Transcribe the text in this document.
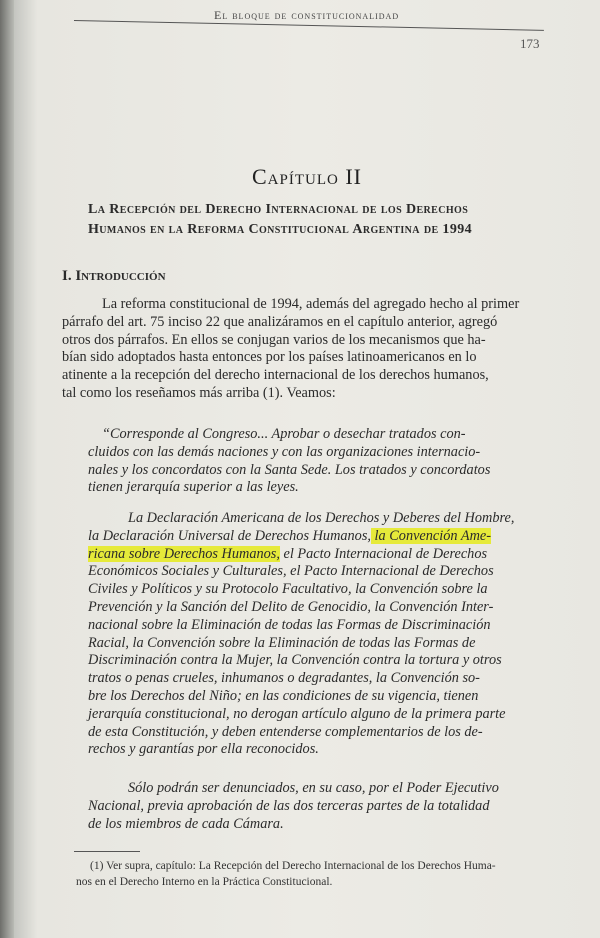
El bloque de constitucionalidad
173
Capítulo II
La Recepción del Derecho Internacional de los Derechos
Humanos en la Reforma Constitucional Argentina de 1994
I. Introducción
La reforma constitucional de 1994, además del agregado hecho al primer
párrafo del art. 75 inciso 22 que analizáramos en el capítulo anterior, agregó
otros dos párrafos. En ellos se conjugan varios de los mecanismos que ha-
bían sido adoptados hasta entonces por los países latinoamericanos en lo
atinente a la recepción del derecho internacional de los derechos humanos,
tal como los reseñamos más arriba (1). Veamos:
“Corresponde al Congreso... Aprobar o desechar tratados con-
cluidos con las demás naciones y con las organizaciones internacio-
nales y los concordatos con la Santa Sede. Los tratados y concordatos
tienen jerarquía superior a las leyes.
La Declaración Americana de los Derechos y Deberes del Hombre,
la Declaración Universal de Derechos Humanos, la Convención Ame-
ricana sobre Derechos Humanos, el Pacto Internacional de Derechos
Económicos Sociales y Culturales, el Pacto Internacional de Derechos
Civiles y Políticos y su Protocolo Facultativo, la Convención sobre la
Prevención y la Sanción del Delito de Genocidio, la Convención Inter-
nacional sobre la Eliminación de todas las Formas de Discriminación
Racial, la Convención sobre la Eliminación de todas las Formas de
Discriminación contra la Mujer, la Convención contra la tortura y otros
tratos o penas crueles, inhumanos o degradantes, la Convención so-
bre los Derechos del Niño; en las condiciones de su vigencia, tienen
jerarquía constitucional, no derogan artículo alguno de la primera parte
de esta Constitución, y deben entenderse complementarios de los de-
rechos y garantías por ella reconocidos.
Sólo podrán ser denunciados, en su caso, por el Poder Ejecutivo
Nacional, previa aprobación de las dos terceras partes de la totalidad
de los miembros de cada Cámara.
(1) Ver supra, capítulo: La Recepción del Derecho Internacional de los Derechos Huma-
nos en el Derecho Interno en la Práctica Constitucional.
